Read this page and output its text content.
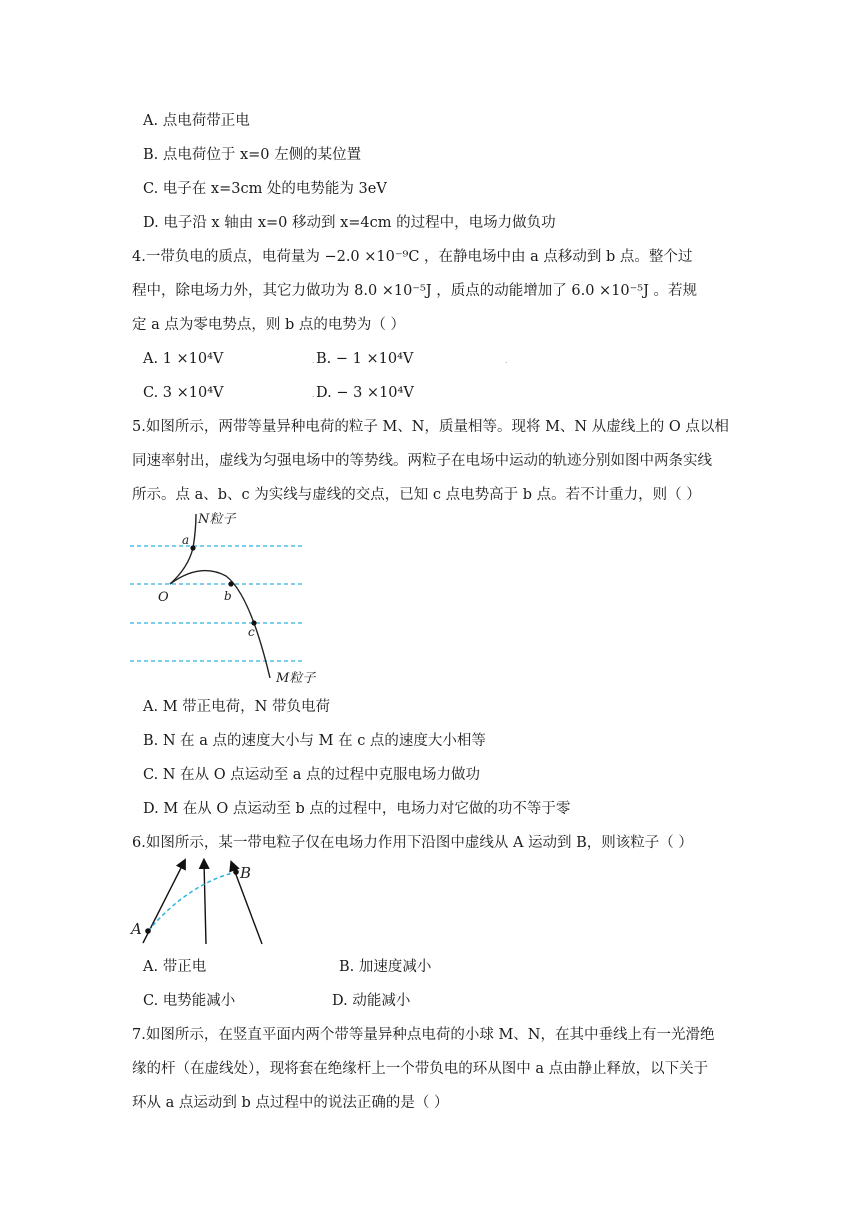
A. 点电荷带正电
B. 点电荷位于 x=0 左侧的某位置
C. 电子在 x=3cm 处的电势能为 3eV
D. 电子沿 x 轴由 x=0 移动到 x=4cm 的过程中，电场力做负功
4.一带负电的质点，电荷量为 −2.0 ×10⁻⁹C ，在静电场中由 a 点移动到 b 点。整个过
程中，除电场力外，其它力做功为 8.0 ×10⁻⁵J ，质点的动能增加了 6.0 ×10⁻⁵J 。若规
定 a 点为零电势点，则 b 点的电势为（ ）
A. 1 ×10⁴V	B. − 1 ×10⁴V
C. 3 ×10⁴V	D. − 3 ×10⁴V
.	.
.
5.如图所示，两带等量异种电荷的粒子 M、N，质量相等。现将 M、N 从虚线上的 O 点以相
同速率射出，虚线为匀强电场中的等势线。两粒子在电场中运动的轨迹分别如图中两条实线
所示。点 a、b、c 为实线与虚线的交点，已知 c 点电势高于 b 点。若不计重力，则（ ）
N粒子
a
O	b
c
M粒子
A. M 带正电荷，N 带负电荷
B. N 在 a 点的速度大小与 M 在 c 点的速度大小相等
C. N 在从 O 点运动至 a 点的过程中克服电场力做功
D. M 在从 O 点运动至 b 点的过程中，电场力对它做的功不等于零
6.如图所示，某一带电粒子仅在电场力作用下沿图中虚线从 A 运动到 B，则该粒子（ ）
A
B
A. 带正电	B. 加速度减小
C. 电势能减小	D. 动能减小
7.如图所示，在竖直平面内两个带等量异种点电荷的小球 M、N，在其中垂线上有一光滑绝
缘的杆（在虚线处），现将套在绝缘杆上一个带负电的环从图中 a 点由静止释放，以下关于
环从 a 点运动到 b 点过程中的说法正确的是（ ）
